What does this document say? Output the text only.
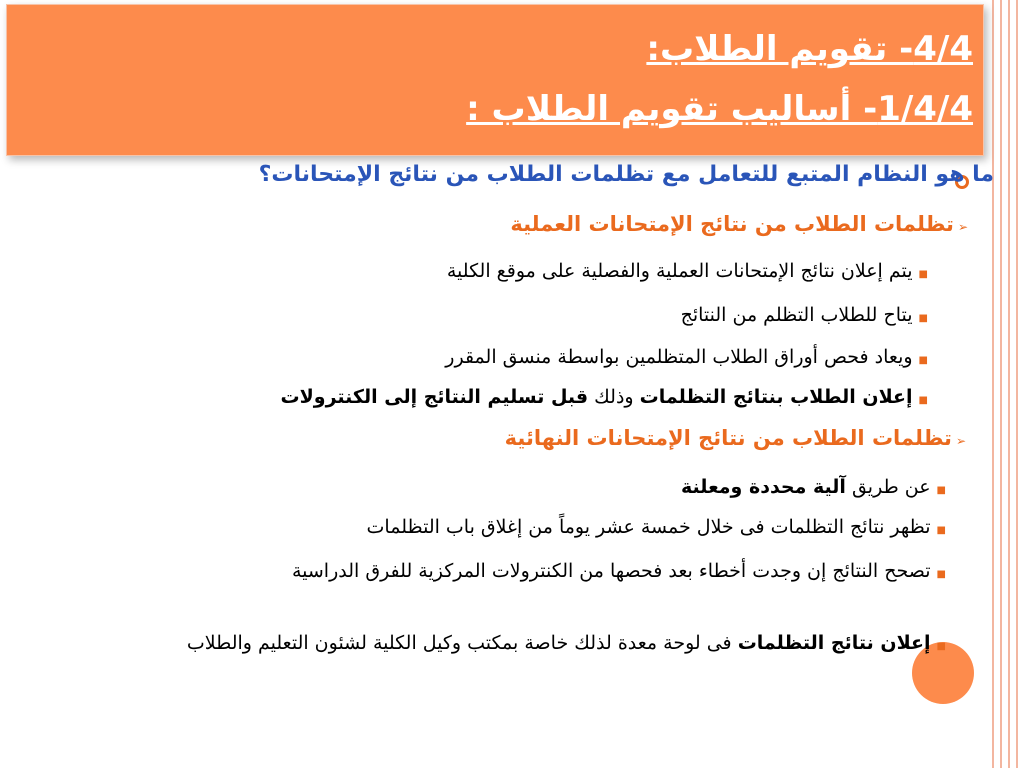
4/4- تقويم الطلاب:
1/4/4- أساليب تقويم الطلاب :
ما هو النظام المتبع للتعامل مع تظلمات الطلاب من نتائج الإمتحانات؟
➢تظلمات الطلاب من نتائج الإمتحانات العملية
■يتم إعلان نتائج الإمتحانات العملية والفصلية على موقع الكلية
■يتاح للطلاب التظلم من النتائج
■ويعاد فحص أوراق الطلاب المتظلمين بواسطة منسق المقرر
■إعلان الطلاب بنتائج التظلمات وذلك قبل تسليم النتائج إلى الكنترولات
➢تظلمات الطلاب من نتائج الإمتحانات النهائية
■عن طريق آلية محددة ومعلنة
■تظهر نتائج التظلمات فى خلال خمسة عشر يوماً من إغلاق باب التظلمات
■تصحح النتائج إن وجدت أخطاء بعد فحصها من الكنترولات المركزية للفرق الدراسية
■إعلان نتائج التظلمات فى لوحة معدة لذلك خاصة بمكتب وكيل الكلية لشئون التعليم والطلاب
